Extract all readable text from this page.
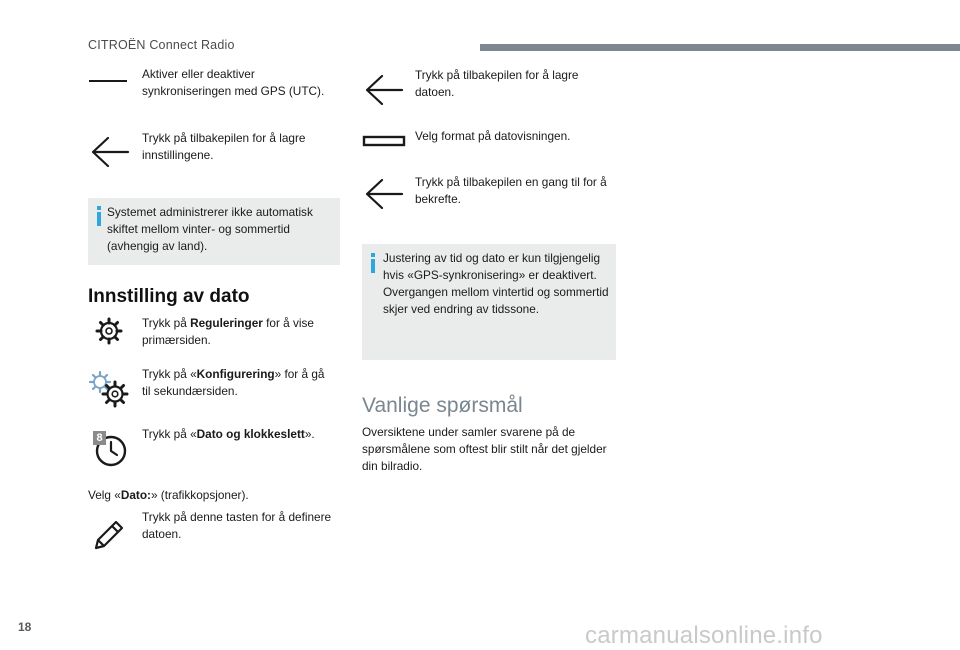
CITROËN Connect Radio
Aktiver eller deaktiver synkroniseringen med GPS (UTC).
Trykk på tilbakepilen for å lagre innstillingene.
Systemet administrerer ikke automatisk skiftet mellom vinter- og sommertid (avhengig av land).
Innstilling av dato
Trykk på Reguleringer for å vise primærsiden.
Trykk på «Konfigurering» for å gå til sekundærsiden.
8	Trykk på «Dato og klokkeslett».
Velg «Dato:» (trafikkopsjoner).
Trykk på denne tasten for å definere datoen.
Trykk på tilbakepilen for å lagre datoen.
Velg format på datovisningen.
Trykk på tilbakepilen en gang til for å bekrefte.
Justering av tid og dato er kun tilgjengelig hvis «GPS-synkronisering» er deaktivert. Overgangen mellom vintertid og sommertid skjer ved endring av tidssone.
Vanlige spørsmål
Oversiktene under samler svarene på de spørsmålene som oftest blir stilt når det gjelder din bilradio.
18	carmanualsonline.info
